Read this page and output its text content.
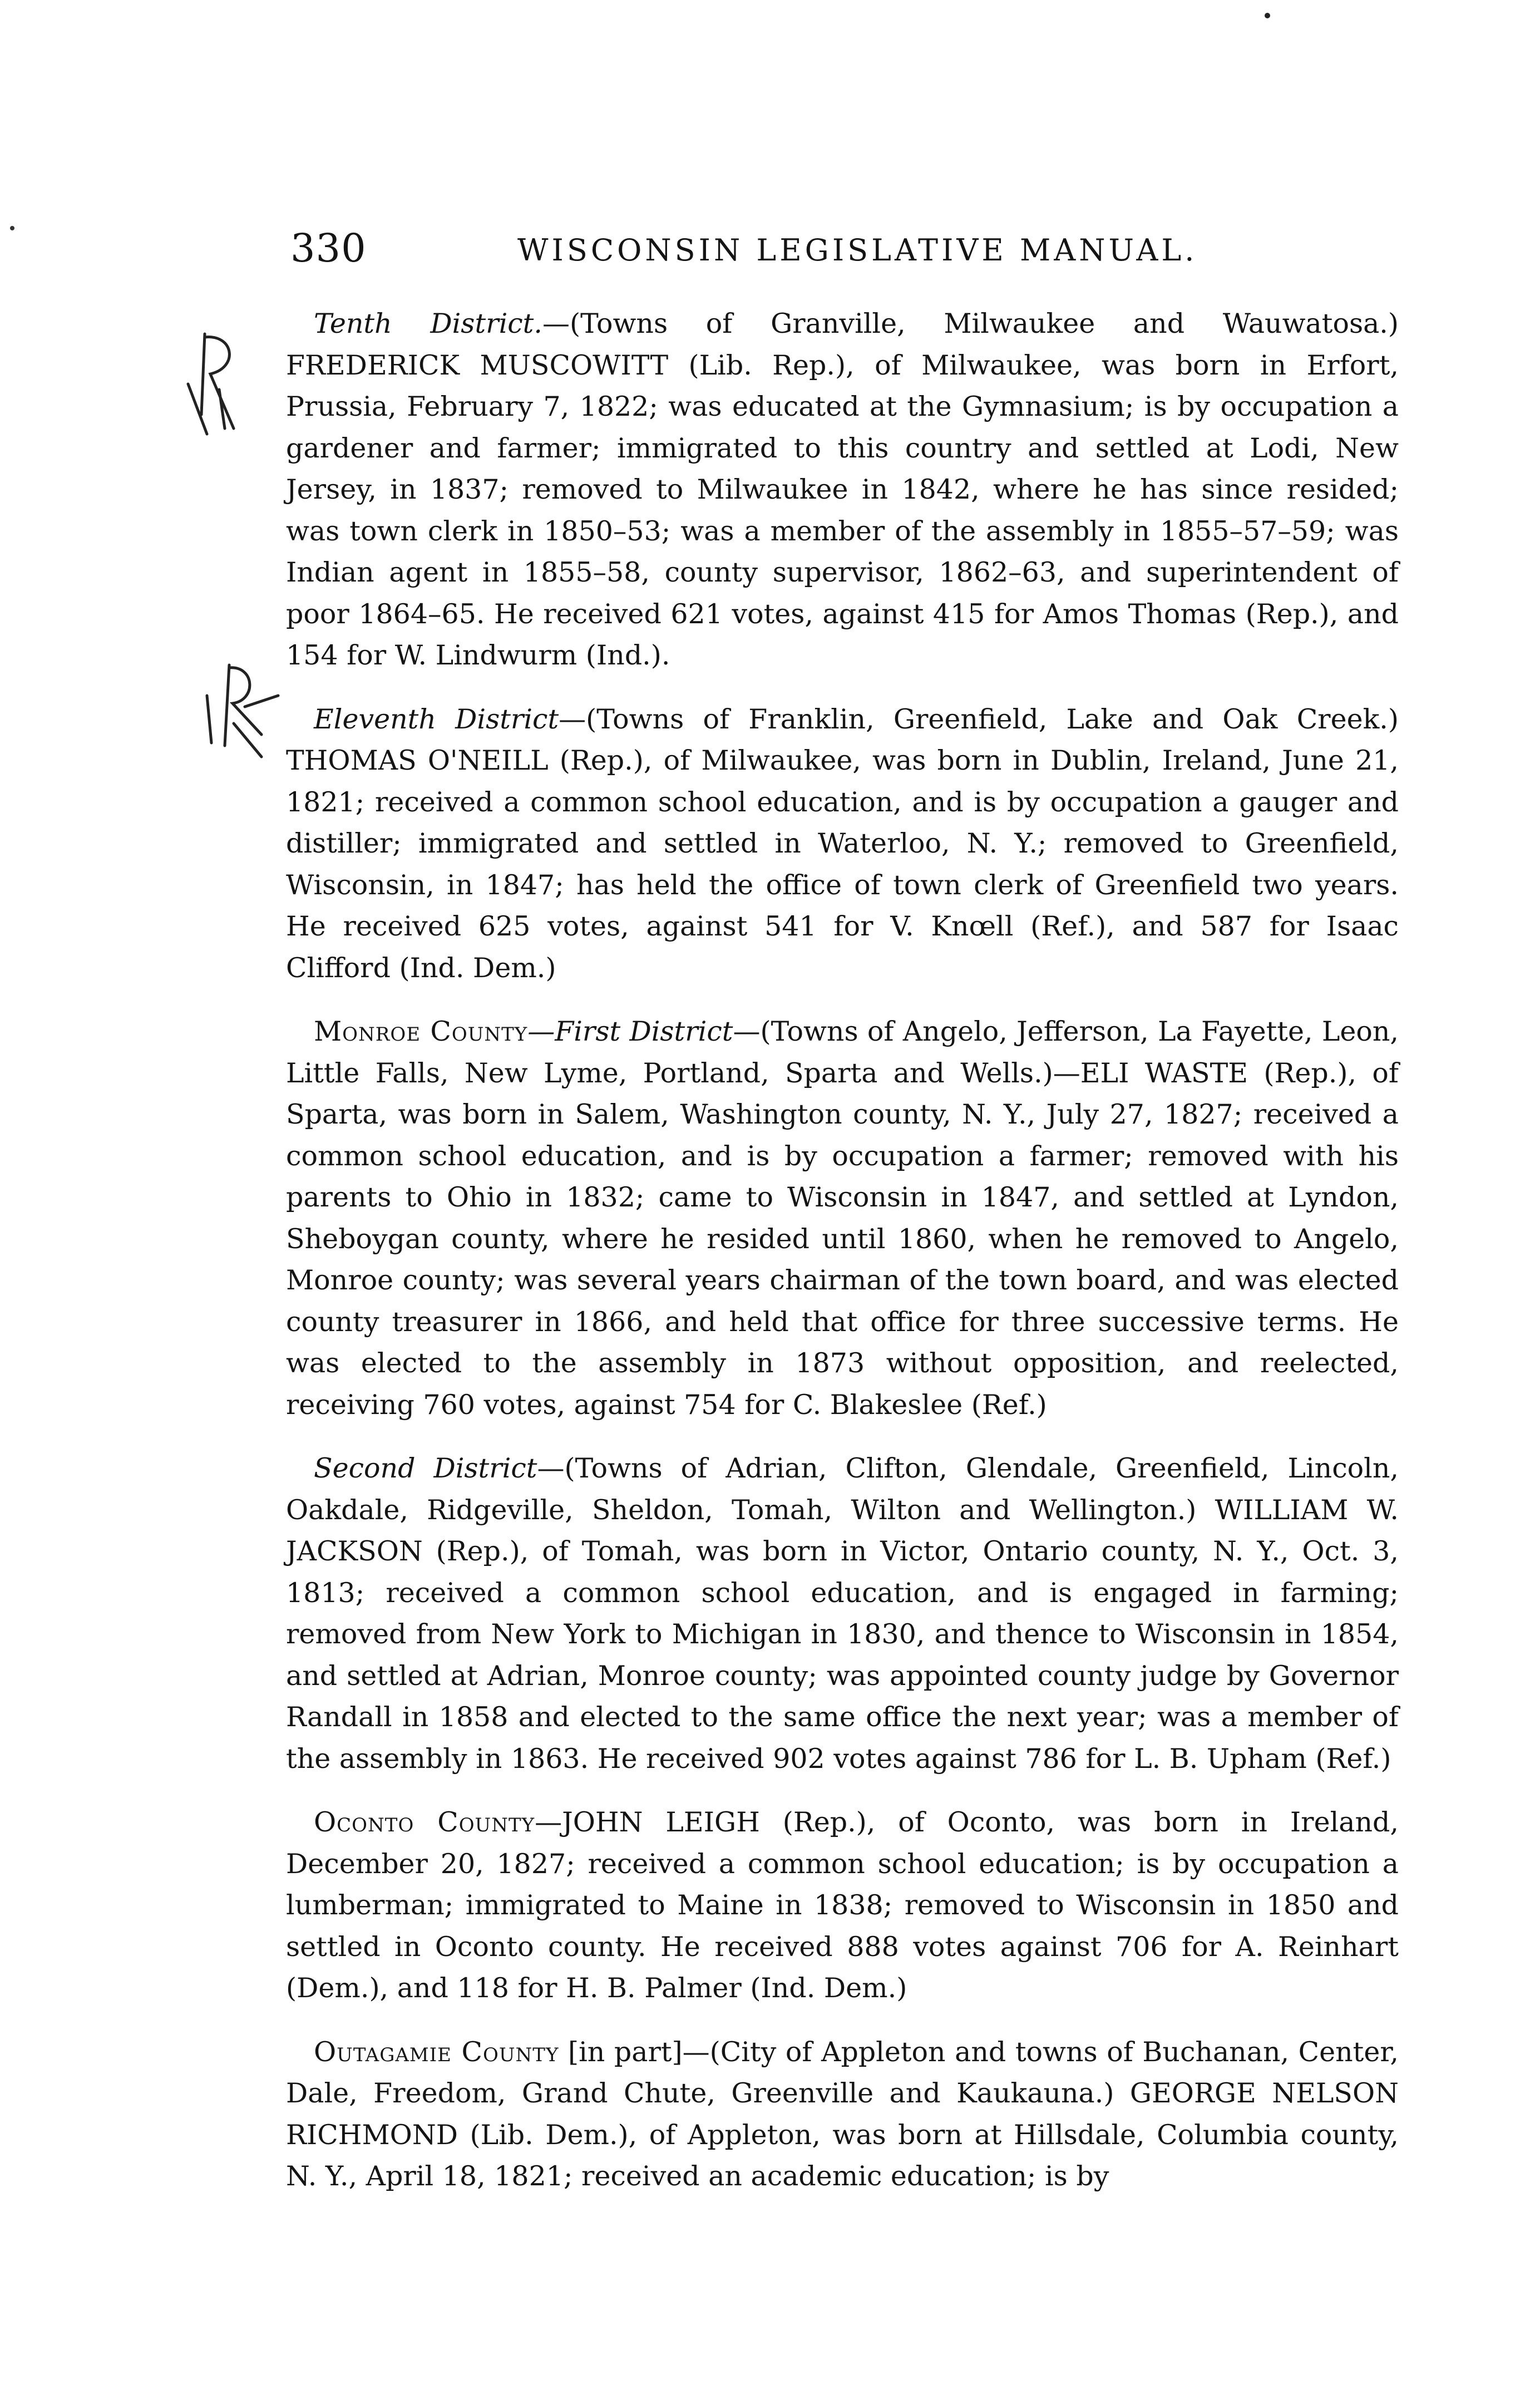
330	WISCONSIN LEGISLATIVE MANUAL.

Tenth District.—(Towns of Granville, Milwaukee and Wauwatosa.) FREDERICK MUSCOWITT (Lib. Rep.), of Milwaukee, was born in Erfort, Prussia, February 7, 1822; was educated at the Gymnasium; is by occupation a gardener and farmer; immigrated to this country and settled at Lodi, New Jersey, in 1837; removed to Milwaukee in 1842, where he has since resided; was town clerk in 1850–53; was a member of the assembly in 1855–57–59; was Indian agent in 1855–58, county supervisor, 1862–63, and superintendent of poor 1864–65. He received 621 votes, against 415 for Amos Thomas (Rep.), and 154 for W. Lindwurm (Ind.).

Eleventh District—(Towns of Franklin, Greenfield, Lake and Oak Creek.) THOMAS O'NEILL (Rep.), of Milwaukee, was born in Dublin, Ireland, June 21, 1821; received a common school education, and is by occupation a gauger and distiller; immigrated and settled in Waterloo, N. Y.; removed to Greenfield, Wisconsin, in 1847; has held the office of town clerk of Greenfield two years. He received 625 votes, against 541 for V. Knœll (Ref.), and 587 for Isaac Clifford (Ind. Dem.)

Monroe County—First District—(Towns of Angelo, Jefferson, La Fayette, Leon, Little Falls, New Lyme, Portland, Sparta and Wells.)—ELI WASTE (Rep.), of Sparta, was born in Salem, Washington county, N. Y., July 27, 1827; received a common school education, and is by occupation a farmer; removed with his parents to Ohio in 1832; came to Wisconsin in 1847, and settled at Lyndon, Sheboygan county, where he resided until 1860, when he removed to Angelo, Monroe county; was several years chairman of the town board, and was elected county treasurer in 1866, and held that office for three successive terms. He was elected to the assembly in 1873 without opposition, and reelected, receiving 760 votes, against 754 for C. Blakeslee (Ref.)

Second District—(Towns of Adrian, Clifton, Glendale, Greenfield, Lincoln, Oakdale, Ridgeville, Sheldon, Tomah, Wilton and Wellington.) WILLIAM W. JACKSON (Rep.), of Tomah, was born in Victor, Ontario county, N. Y., Oct. 3, 1813; received a common school education, and is engaged in farming; removed from New York to Michigan in 1830, and thence to Wisconsin in 1854, and settled at Adrian, Monroe county; was appointed county judge by Governor Randall in 1858 and elected to the same office the next year; was a member of the assembly in 1863. He received 902 votes against 786 for L. B. Upham (Ref.)

Oconto County—JOHN LEIGH (Rep.), of Oconto, was born in Ireland, December 20, 1827; received a common school education; is by occupation a lumberman; immigrated to Maine in 1838; removed to Wisconsin in 1850 and settled in Oconto county. He received 888 votes against 706 for A. Reinhart (Dem.), and 118 for H. B. Palmer (Ind. Dem.)

Outagamie County [in part]—(City of Appleton and towns of Buchanan, Center, Dale, Freedom, Grand Chute, Greenville and Kaukauna.) GEORGE NELSON RICHMOND (Lib. Dem.), of Appleton, was born at Hillsdale, Columbia county, N. Y., April 18, 1821; received an academic education; is by
